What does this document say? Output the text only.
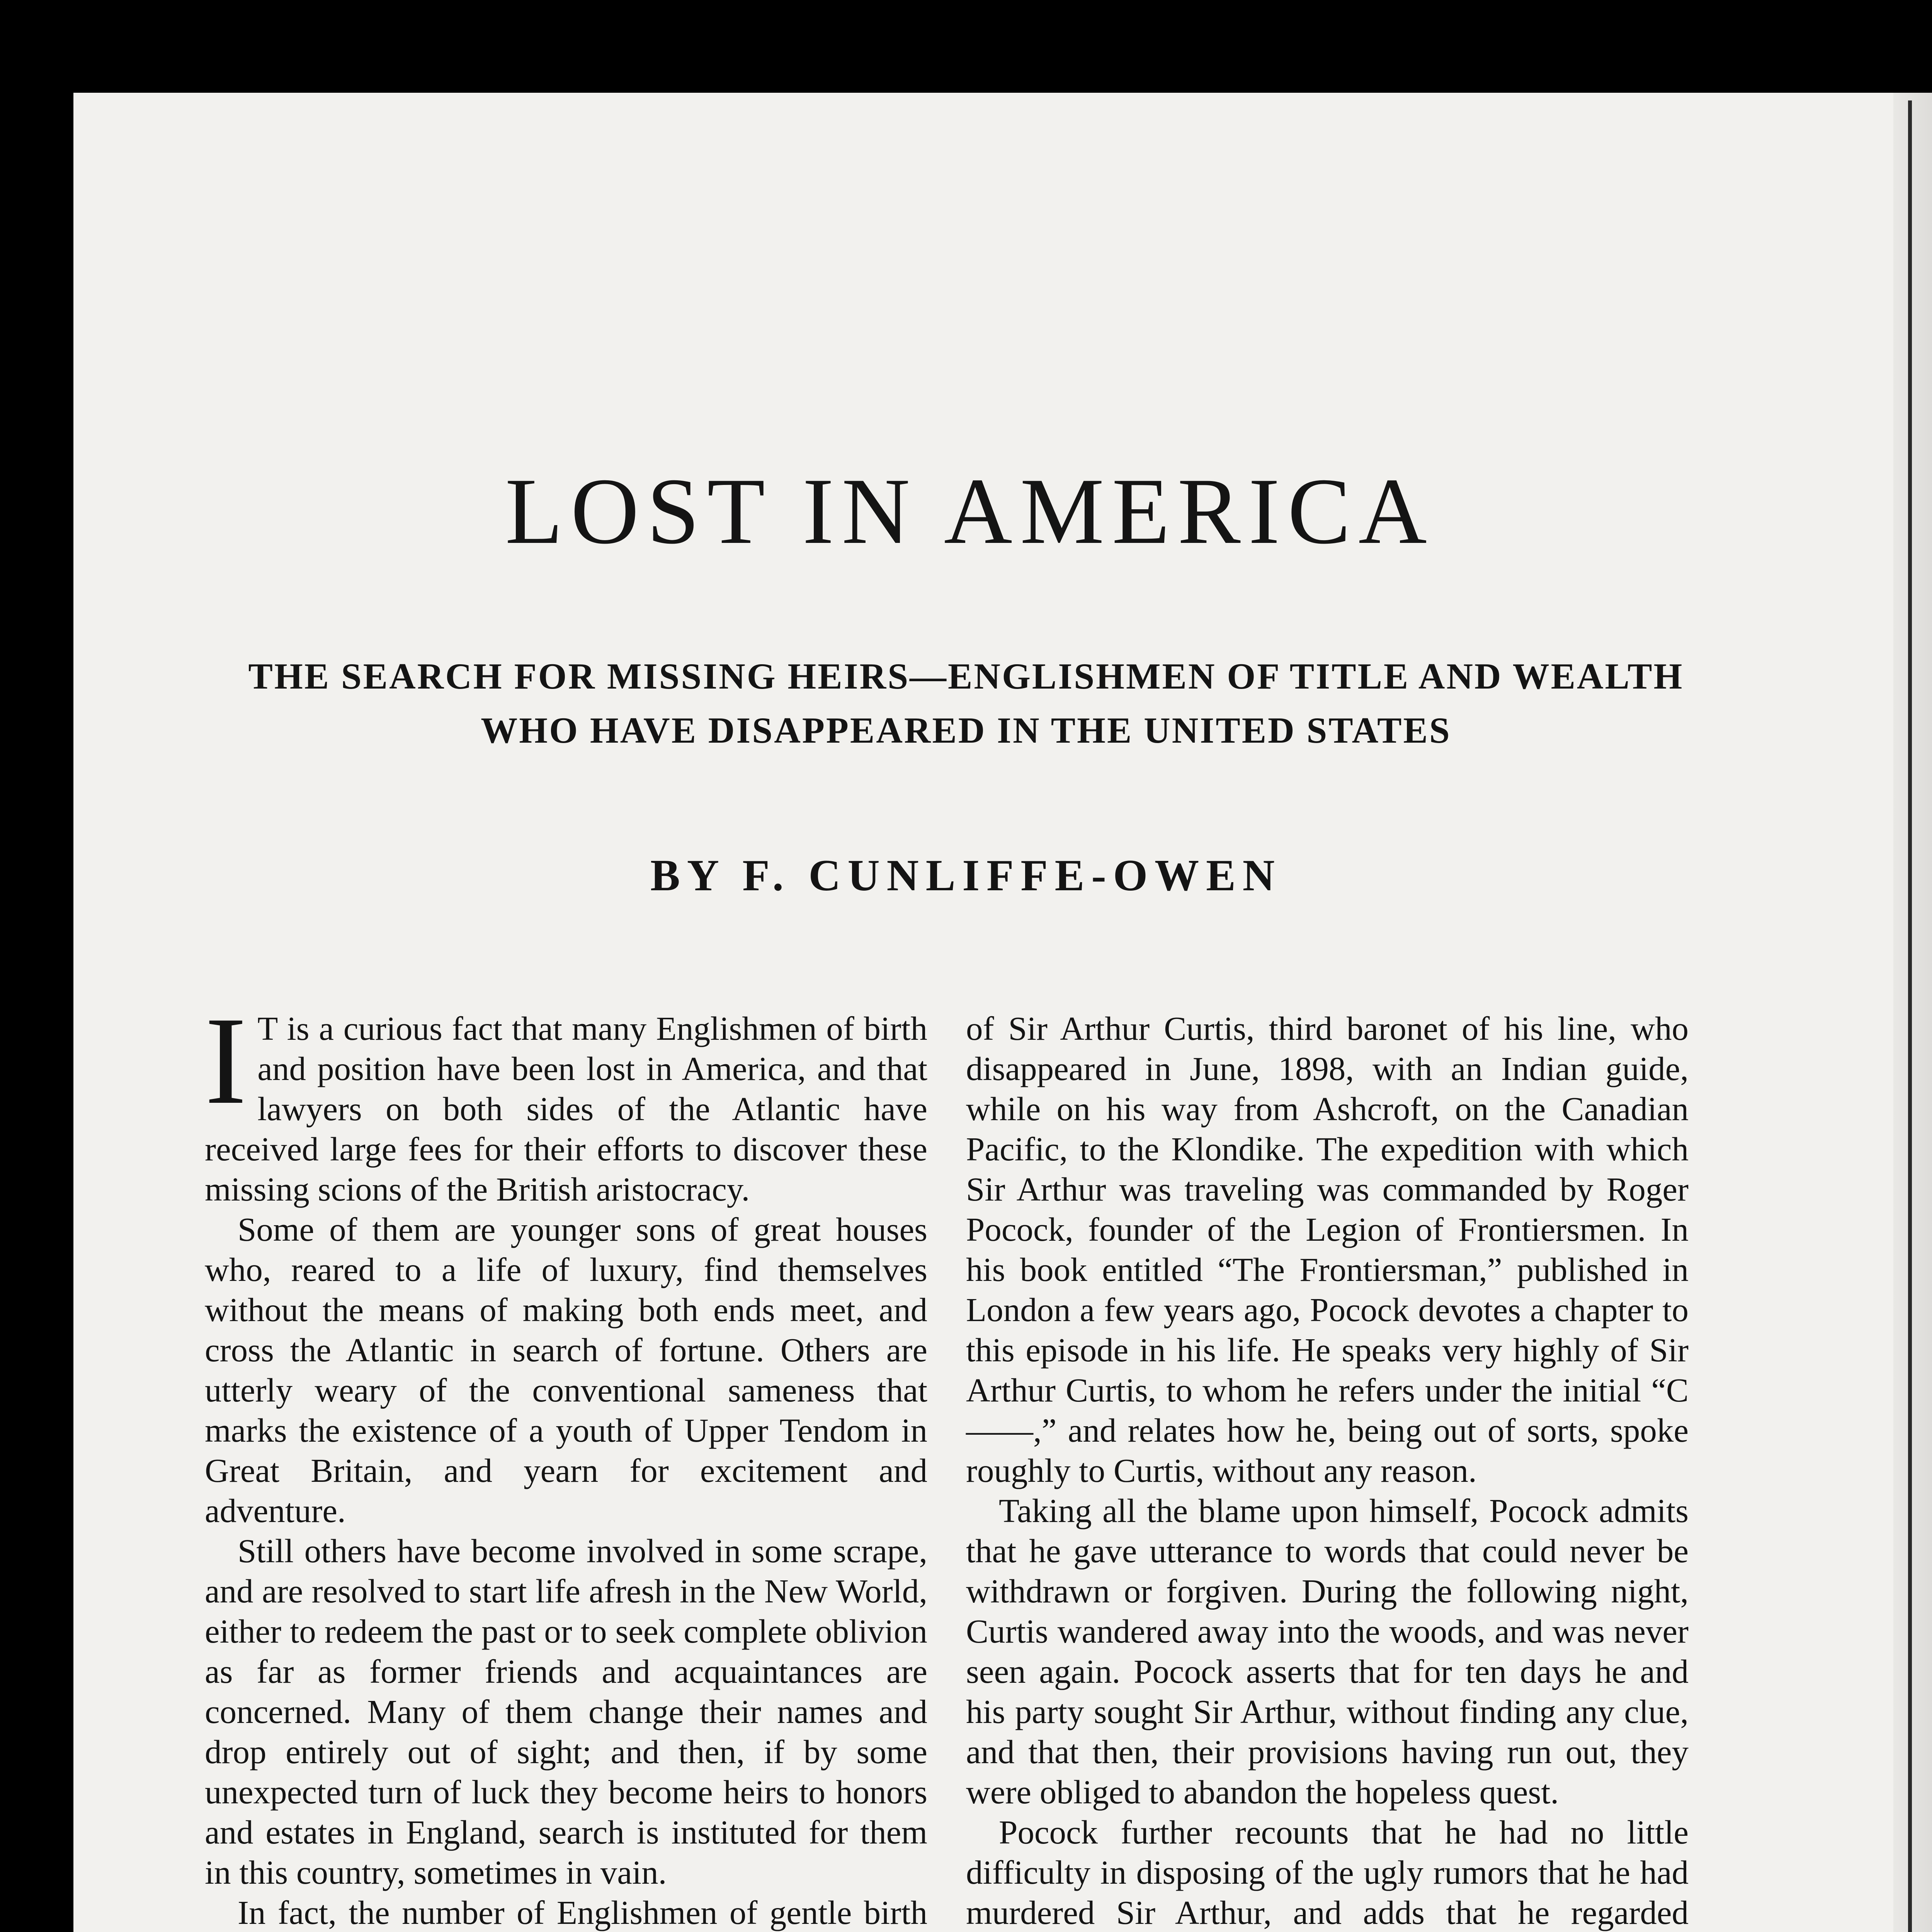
LOST IN AMERICA
THE SEARCH FOR MISSING HEIRS—ENGLISHMEN OF TITLE AND WEALTH WHO HAVE DISAPPEARED IN THE UNITED STATES
BY F. CUNLIFFE-OWEN

I T is a curious fact that many Englishmen of birth and position have been lost in America, and that lawyers on both sides of the Atlantic have received large fees for their efforts to discover these missing scions of the British aristocracy.

Some of them are younger sons of great houses who, reared to a life of luxury, find themselves without the means of making both ends meet, and cross the Atlantic in search of fortune. Others are utterly weary of the conventional sameness that marks the existence of a youth of Upper Tendom in Great Britain, and yearn for excitement and adventure.

Still others have become involved in some scrape, and are resolved to start life afresh in the New World, either to redeem the past or to seek complete oblivion as far as former friends and acquaintances are concerned. Many of them change their names and drop entirely out of sight; and then, if by some unexpected turn of luck they become heirs to honors and estates in England, search is instituted for them in this country, sometimes in vain.

In fact, the number of Englishmen of gentle birth

of Sir Arthur Curtis, third baronet of his line, who disappeared in June, 1898, with an Indian guide, while on his way from Ashcroft, on the Canadian Pacific, to the Klondike. The expedition with which Sir Arthur was traveling was commanded by Roger Pocock, founder of the Legion of Frontiersmen. In his book entitled “The Frontiersman,” published in London a few years ago, Pocock devotes a chapter to this episode in his life. He speaks very highly of Sir Arthur Curtis, to whom he refers under the initial “C——,” and relates how he, being out of sorts, spoke roughly to Curtis, without any reason.

Taking all the blame upon himself, Pocock admits that he gave utterance to words that could never be withdrawn or forgiven. During the following night, Curtis wandered away into the woods, and was never seen again. Pocock asserts that for ten days he and his party sought Sir Arthur, without finding any clue, and that then, their provisions having run out, they were obliged to abandon the hopeless quest.

Pocock further recounts that he had no little difficulty in disposing of the ugly rumors that he had murdered Sir Arthur, and adds that he regarded
